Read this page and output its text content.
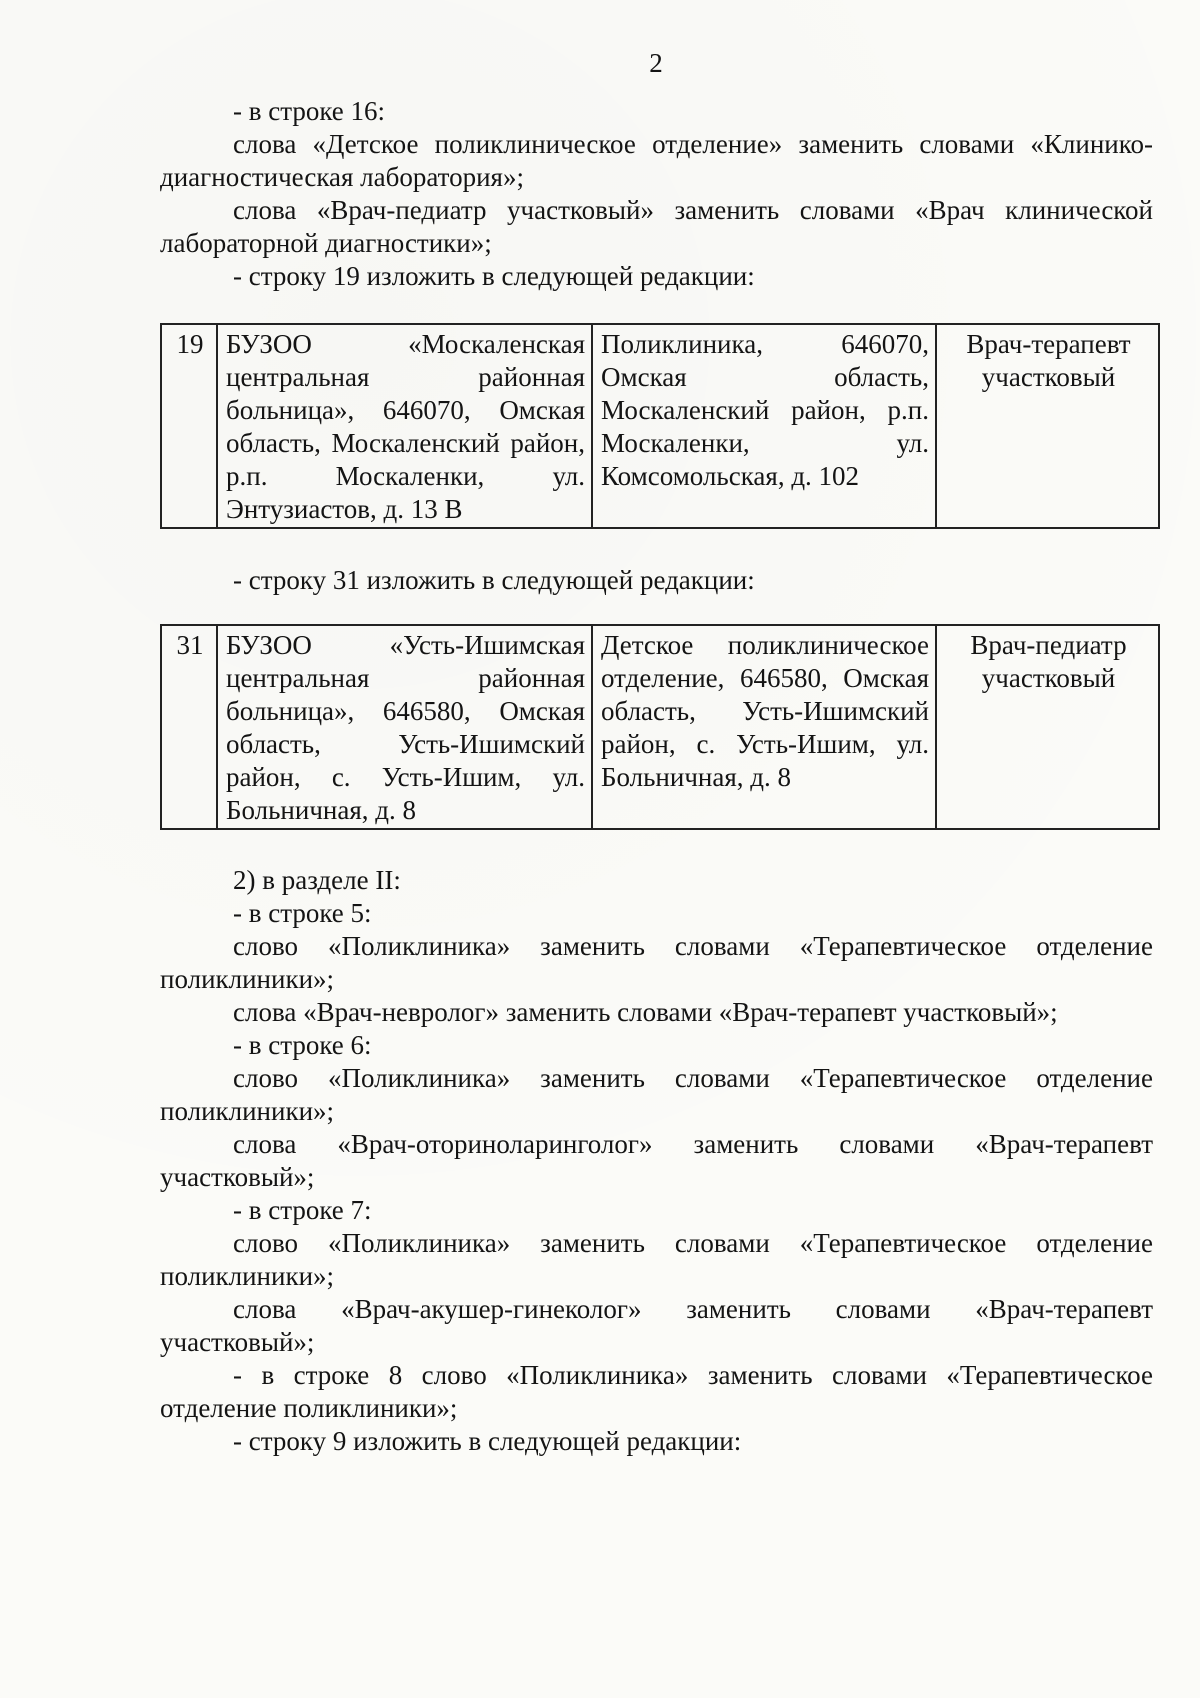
2

- в строке 16:

слова «Детское поликлиническое отделение» заменить словами «Клинико-диагностическая лаборатория»;

слова «Врач-педиатр участковый» заменить словами «Врач клинической лабораторной диагностики»;

- строку 19 изложить в следующей редакции:

19	БУЗОО «Москаленская центральная районная больница», 646070, Омская область, Москаленский район, р.п. Москаленки, ул. Энтузиастов, д. 13 В	Поликлиника, 646070, Омская область, Москаленский район, р.п. Москаленки, ул. Комсомольская, д. 102	Врач-терапевт участковый

- строку 31 изложить в следующей редакции:

31	БУЗОО «Усть-Ишимская центральная районная больница», 646580, Омская область, Усть-Ишимский район, с. Усть-Ишим, ул. Больничная, д. 8	Детское поликлиническое отделение, 646580, Омская область, Усть-Ишимский район, с. Усть-Ишим, ул. Больничная, д. 8	Врач-педиатр участковый

2) в разделе II:

- в строке 5:

слово «Поликлиника» заменить словами «Терапевтическое отделение поликлиники»;

слова «Врач-невролог» заменить словами «Врач-терапевт участковый»;

- в строке 6:

слово «Поликлиника» заменить словами «Терапевтическое отделение поликлиники»;

слова «Врач-оториноларинголог» заменить словами «Врач-терапевт участковый»;

- в строке 7:

слово «Поликлиника» заменить словами «Терапевтическое отделение поликлиники»;

слова «Врач-акушер-гинеколог» заменить словами «Врач-терапевт участковый»;

- в строке 8 слово «Поликлиника» заменить словами «Терапевтическое отделение поликлиники»;

- строку 9 изложить в следующей редакции:
